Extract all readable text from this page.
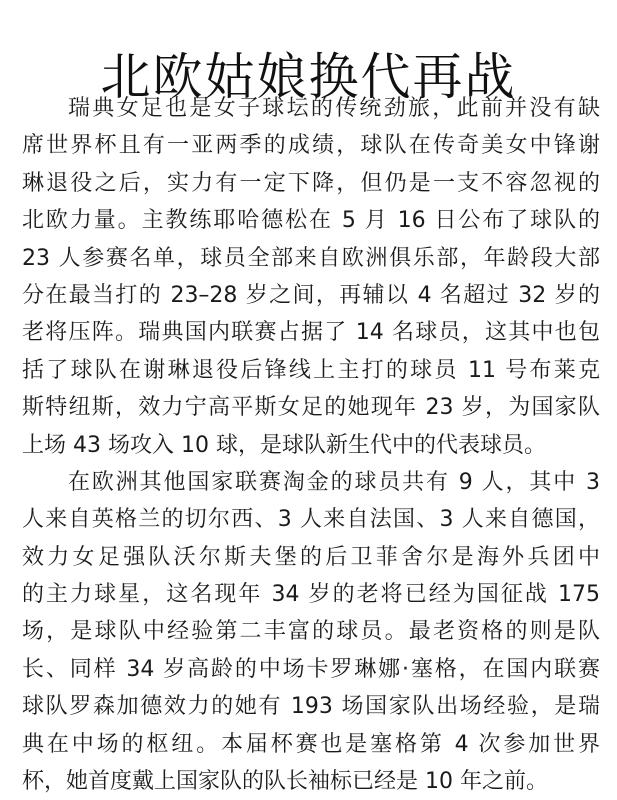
北欧姑娘换代再战
瑞典女足也是女子球坛的传统劲旅，此前并没有缺
席世界杯且有一亚两季的成绩，球队在传奇美女中锋谢
琳退役之后，实力有一定下降，但仍是一支不容忽视的
北欧力量。主教练耶哈德松在 5 月 16 日公布了球队的
23 人参赛名单，球员全部来自欧洲俱乐部，年龄段大部
分在最当打的 23–28 岁之间，再辅以 4 名超过 32 岁的
老将压阵。瑞典国内联赛占据了 14 名球员，这其中也包
括了球队在谢琳退役后锋线上主打的球员 11 号布莱克
斯特纽斯，效力宁高平斯女足的她现年 23 岁，为国家队
上场 43 场攻入 10 球，是球队新生代中的代表球员。
在欧洲其他国家联赛淘金的球员共有 9 人，其中 3
人来自英格兰的切尔西、3 人来自法国、3 人来自德国，
效力女足强队沃尔斯夫堡的后卫菲舍尔是海外兵团中
的主力球星，这名现年 34 岁的老将已经为国征战 175
场，是球队中经验第二丰富的球员。最老资格的则是队
长、同样 34 岁高龄的中场卡罗琳娜·塞格，在国内联赛
球队罗森加德效力的她有 193 场国家队出场经验，是瑞
典在中场的枢纽。本届杯赛也是塞格第 4 次参加世界
杯，她首度戴上国家队的队长袖标已经是 10 年之前。
